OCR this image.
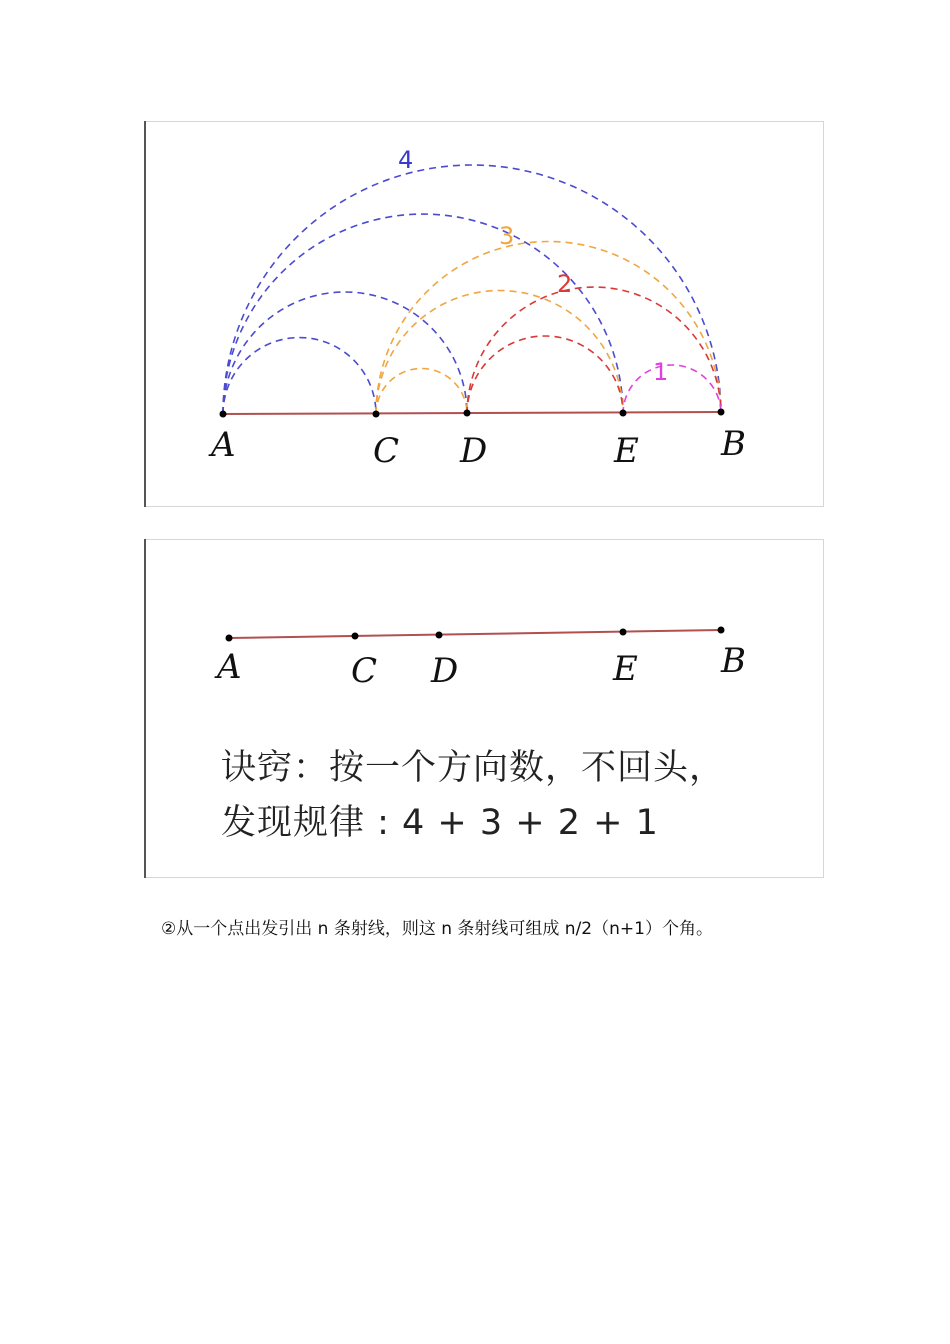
4
3
2
1
A	C D	E B
A	C D	E B
诀窍：按一个方向数，不回头，
发现规律 : 4 + 3 + 2 + 1
②从一个点出发引出 n 条射线，则这 n 条射线可组成 n/2（n+1）个角。
